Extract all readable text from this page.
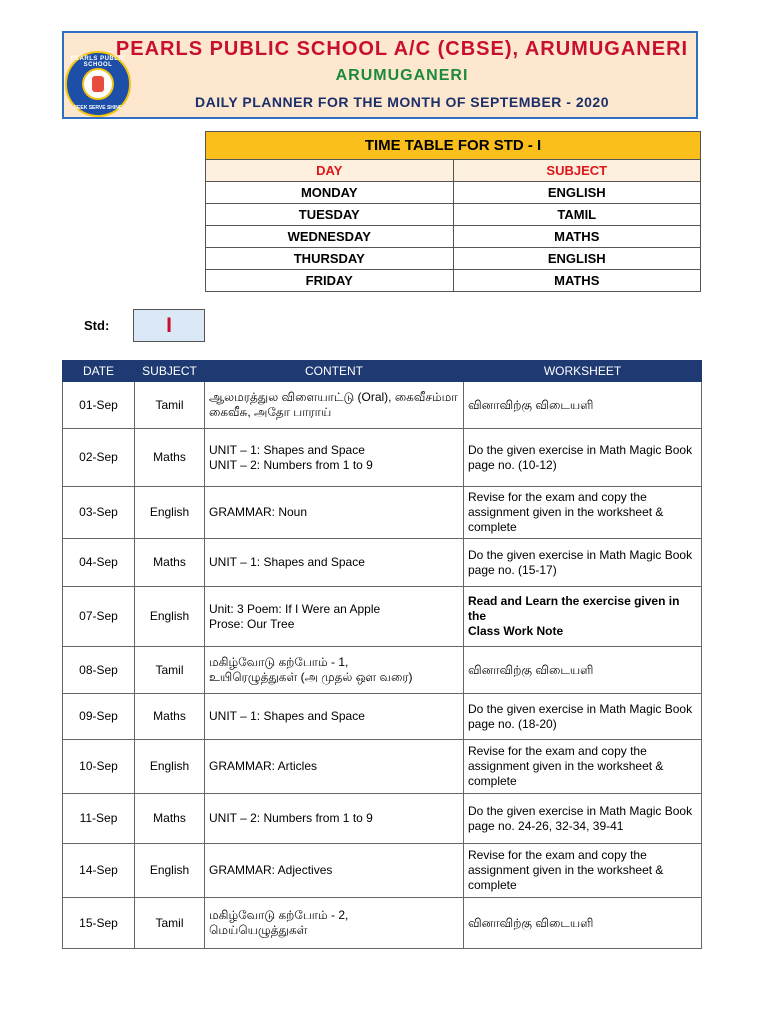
PEARLS PUBLIC SCHOOL
SEEK SERVE SHINE
PEARLS PUBLIC SCHOOL A/C (CBSE), ARUMUGANERI
ARUMUGANERI
DAILY PLANNER FOR THE MONTH OF SEPTEMBER - 2020
TIME TABLE FOR STD - I	
DAY	SUBJECT
MONDAY	ENGLISH
TUESDAY	TAMIL
WEDNESDAY	MATHS
THURSDAY	ENGLISH
FRIDAY	MATHS
Std:	I
DATE	SUBJECT	CONTENT	WORKSHEET
01-Sep	Tamil	ஆலமரத்துல விளையாட்டு (Oral), கைவீசம்மா
கைவீசு, அதோ பாராய்	வினாவிற்கு விடையளி
02-Sep	Maths	UNIT – 1: Shapes and Space
UNIT – 2: Numbers from 1 to 9	Do the given exercise in Math Magic Book
page no. (10-12)
03-Sep	English	GRAMMAR: Noun	Revise for the exam and copy the
assignment given in the worksheet &
complete
04-Sep	Maths	UNIT – 1: Shapes and Space	Do the given exercise in Math Magic Book
page no. (15-17)
07-Sep	English	Unit: 3 Poem: If I Were an Apple
Prose: Our Tree	Read and Learn the exercise given in the
Class Work Note
08-Sep	Tamil	மகிழ்வோடு கற்போம் - 1,
உயிரெழுத்துகள் (அ முதல் ஔ வரை)	வினாவிற்கு விடையளி
09-Sep	Maths	UNIT – 1: Shapes and Space	Do the given exercise in Math Magic Book
page no. (18-20)
10-Sep	English	GRAMMAR: Articles	Revise for the exam and copy the
assignment given in the worksheet &
complete
11-Sep	Maths	UNIT – 2: Numbers from 1 to 9	Do the given exercise in Math Magic Book
page no. 24-26, 32-34, 39-41
14-Sep	English	GRAMMAR: Adjectives	Revise for the exam and copy the
assignment given in the worksheet &
complete
15-Sep	Tamil	மகிழ்வோடு கற்போம் - 2,
மெய்யெழுத்துகள்	வினாவிற்கு விடையளி
